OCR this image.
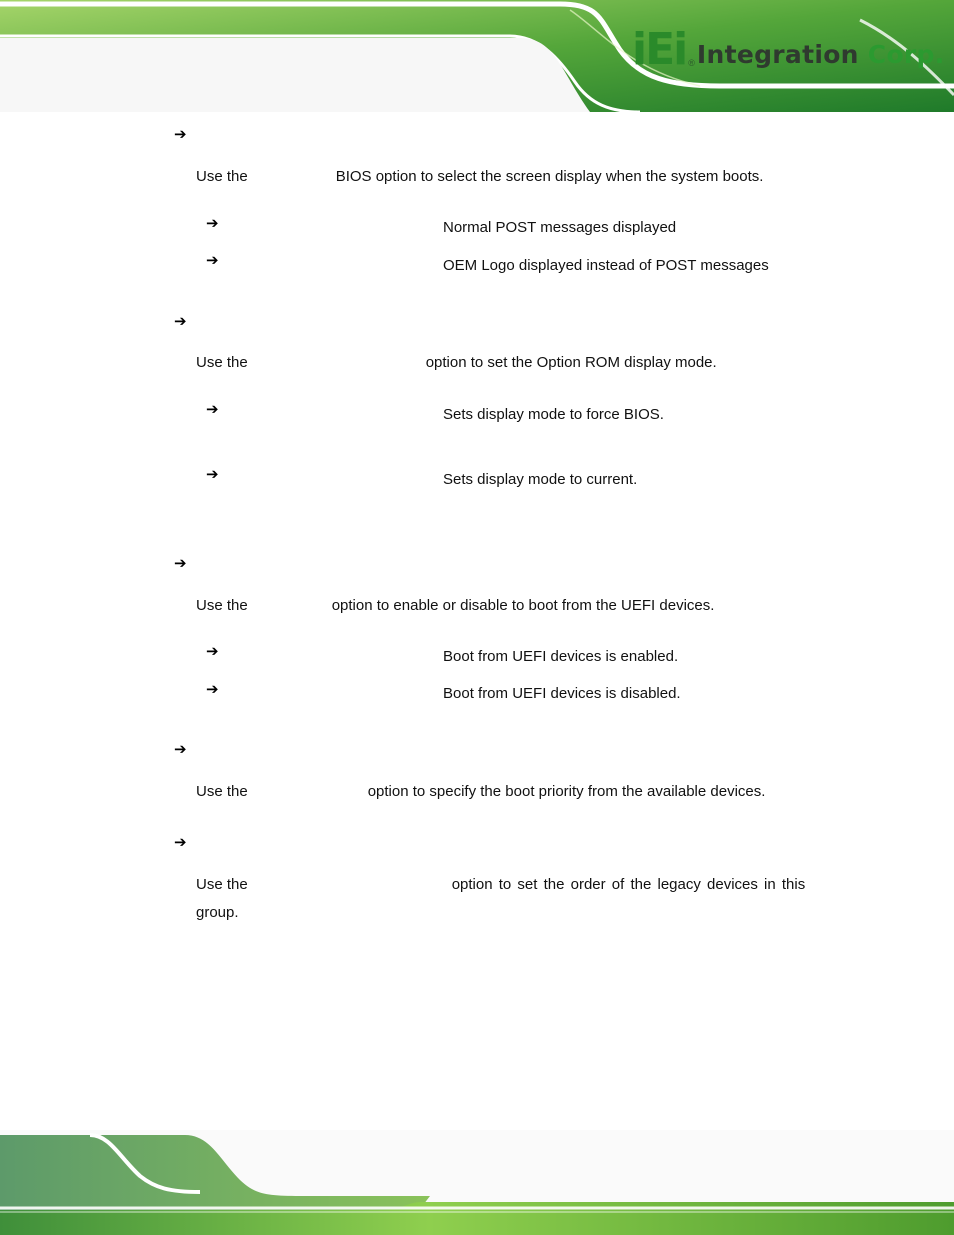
iEi ® Integration Corp.
➔
Use the	BIOS option to select the screen display when the system boots.
➔	Normal POST messages displayed
➔	OEM Logo displayed instead of POST messages
➔
Use the	option to set the Option ROM display mode.
➔	Sets display mode to force BIOS.
➔	Sets display mode to current.
➔
Use the	option to enable or disable to boot from the UEFI devices.
➔	Boot from UEFI devices is enabled.
➔	Boot from UEFI devices is disabled.
➔
Use the	option to specify the boot priority from the available devices.
➔
Use the	option to set the order of the legacy devices in this
group.
